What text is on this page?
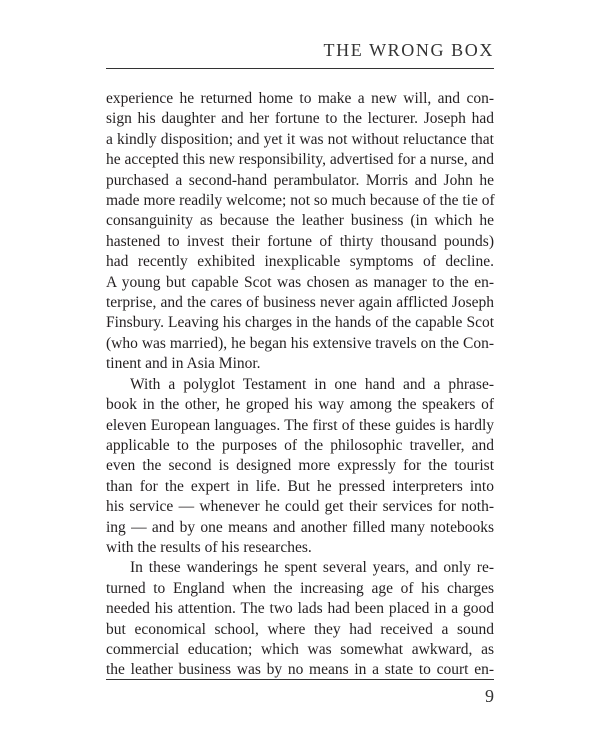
THE WRONG BOX
experience he returned home to make a new will, and con-
sign his daughter and her fortune to the lecturer. Joseph had
a kindly disposition; and yet it was not without reluctance that
he accepted this new responsibility, advertised for a nurse, and
purchased a second-hand perambulator. Morris and John he
made more readily welcome; not so much because of the tie of
consanguinity as because the leather business (in which he
hastened to invest their fortune of thirty thousand pounds)
had recently exhibited inexplicable symptoms of decline.
A young but capable Scot was chosen as manager to the en-
terprise, and the cares of business never again afflicted Joseph
Finsbury. Leaving his charges in the hands of the capable Scot
(who was married), he began his extensive travels on the Con-
tinent and in Asia Minor.
With a polyglot Testament in one hand and a phrase-
book in the other, he groped his way among the speakers of
eleven European languages. The first of these guides is hardly
applicable to the purposes of the philosophic traveller, and
even the second is designed more expressly for the tourist
than for the expert in life. But he pressed interpreters into
his service — whenever he could get their services for noth-
ing — and by one means and another filled many notebooks
with the results of his researches.
In these wanderings he spent several years, and only re-
turned to England when the increasing age of his charges
needed his attention. The two lads had been placed in a good
but economical school, where they had received a sound
commercial education; which was somewhat awkward, as
the leather business was by no means in a state to court en-
9
